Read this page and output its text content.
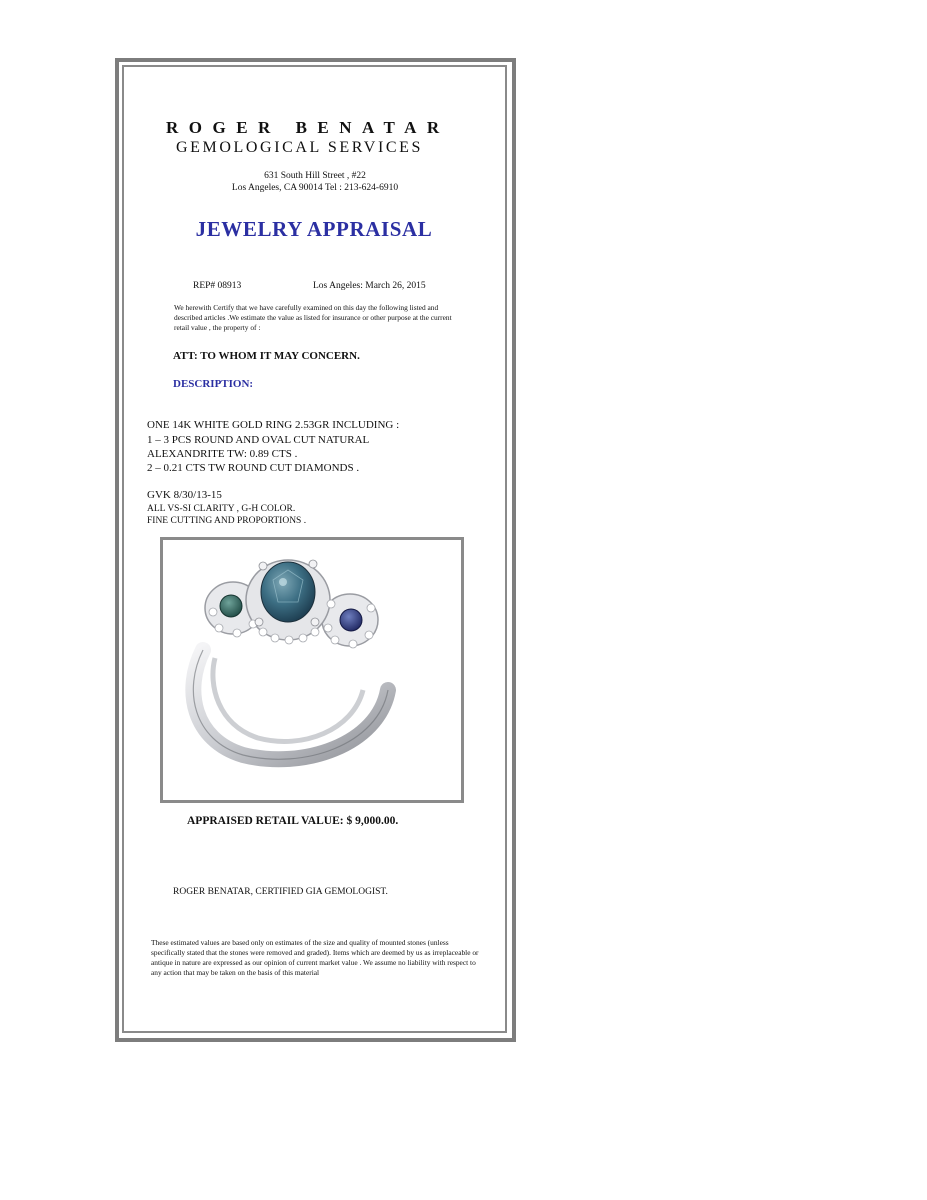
ROGER BENATAR
GEMOLOGICAL SERVICES
631 South Hill Street , #22
Los Angeles, CA 90014 Tel : 213-624-6910
JEWELRY APPRAISAL
REP# 08913	Los Angeles: March 26, 2015
We herewith Certify that we have carefully examined on this day the following listed and described articles .We estimate the value as listed for insurance or other purpose at the current retail value , the property of :
ATT: TO WHOM IT MAY CONCERN.
DESCRIPTION:
ONE 14K WHITE GOLD RING 2.53GR INCLUDING :
1 – 3 PCS ROUND AND OVAL CUT NATURAL
ALEXANDRITE TW: 0.89 CTS .
2 – 0.21 CTS TW ROUND CUT DIAMONDS .
GVK 8/30/13-15
ALL VS-SI CLARITY , G-H COLOR.
FINE CUTTING AND PROPORTIONS .
APPRAISED RETAIL VALUE: $ 9,000.00.
ROGER BENATAR, CERTIFIED GIA GEMOLOGIST.
These estimated values are based only on estimates of the size and quality of mounted stones (unless specifically stated that the stones were removed and graded). Items which are deemed by us as irreplaceable or antique in nature are expressed as our opinion of current market value . We assume no liability with respect to any action that may be taken on the basis of this material
